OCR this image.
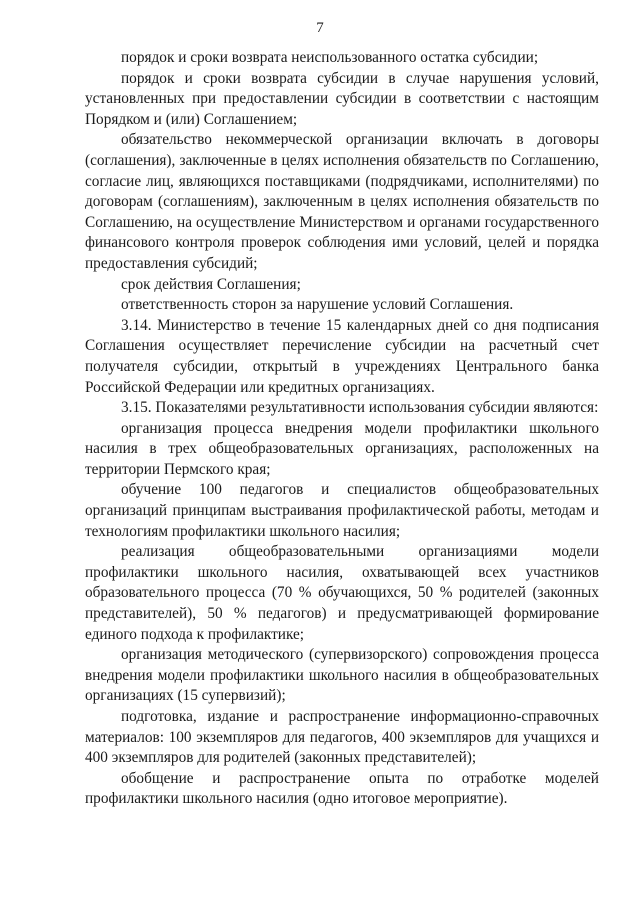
7

порядок и сроки возврата неиспользованного остатка субсидии;

порядок и сроки возврата субсидии в случае нарушения условий, установленных при предоставлении субсидии в соответствии с настоящим Порядком и (или) Соглашением;

обязательство некоммерческой организации включать в договоры (соглашения), заключенные в целях исполнения обязательств по Соглашению, согласие лиц, являющихся поставщиками (подрядчиками, исполнителями) по договорам (соглашениям), заключенным в целях исполнения обязательств по Соглашению, на осуществление Министерством и органами государственного финансового контроля проверок соблюдения ими условий, целей и порядка предоставления субсидий;

срок действия Соглашения;

ответственность сторон за нарушение условий Соглашения.

3.14. Министерство в течение 15 календарных дней со дня подписания Соглашения осуществляет перечисление субсидии на расчетный счет получателя субсидии, открытый в учреждениях Центрального банка Российской Федерации или кредитных организациях.

3.15. Показателями результативности использования субсидии являются:

организация процесса внедрения модели профилактики школьного насилия в трех общеобразовательных организациях, расположенных на территории Пермского края;

обучение 100 педагогов и специалистов общеобразовательных организаций принципам выстраивания профилактической работы, методам и технологиям профилактики школьного насилия;

реализация общеобразовательными организациями модели профилактики школьного насилия, охватывающей всех участников образовательного процесса (70 % обучающихся, 50 % родителей (законных представителей), 50 % педагогов) и предусматривающей формирование единого подхода к профилактике;

организация методического (супервизорского) сопровождения процесса внедрения модели профилактики школьного насилия в общеобразовательных организациях (15 супервизий);

подготовка, издание и распространение информационно-справочных материалов: 100 экземпляров для педагогов, 400 экземпляров для учащихся и 400 экземпляров для родителей (законных представителей);

обобщение и распространение опыта по отработке моделей профилактики школьного насилия (одно итоговое мероприятие).
